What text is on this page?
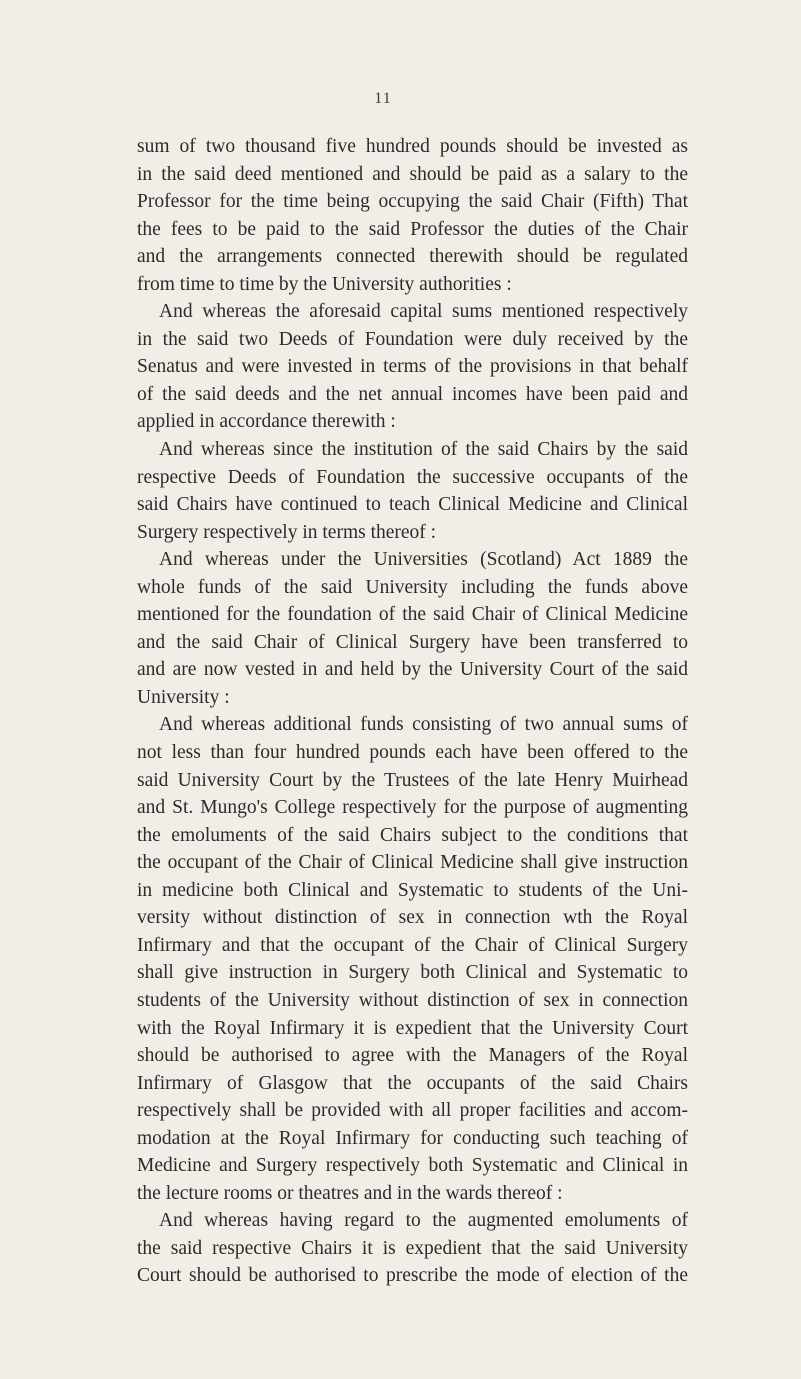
11
sum of two thousand five hundred pounds should be invested as
in the said deed mentioned and should be paid as a salary to the
Professor for the time being occupying the said Chair (Fifth) That
the fees to be paid to the said Professor the duties of the Chair
and the arrangements connected therewith should be regulated
from time to time by the University authorities :
And whereas the aforesaid capital sums mentioned respectively
in the said two Deeds of Foundation were duly received by the
Senatus and were invested in terms of the provisions in that behalf
of the said deeds and the net annual incomes have been paid and
applied in accordance therewith :
And whereas since the institution of the said Chairs by the said
respective Deeds of Foundation the successive occupants of the
said Chairs have continued to teach Clinical Medicine and Clinical
Surgery respectively in terms thereof :
And whereas under the Universities (Scotland) Act 1889 the
whole funds of the said University including the funds above
mentioned for the foundation of the said Chair of Clinical Medicine
and the said Chair of Clinical Surgery have been transferred to
and are now vested in and held by the University Court of the said
University :
And whereas additional funds consisting of two annual sums of
not less than four hundred pounds each have been offered to the
said University Court by the Trustees of the late Henry Muirhead
and St. Mungo's College respectively for the purpose of augmenting
the emoluments of the said Chairs subject to the conditions that
the occupant of the Chair of Clinical Medicine shall give instruction
in medicine both Clinical and Systematic to students of the Uni-
versity without distinction of sex in connection wth the Royal
Infirmary and that the occupant of the Chair of Clinical Surgery
shall give instruction in Surgery both Clinical and Systematic to
students of the University without distinction of sex in connection
with the Royal Infirmary it is expedient that the University Court
should be authorised to agree with the Managers of the Royal
Infirmary of Glasgow that the occupants of the said Chairs
respectively shall be provided with all proper facilities and accom-
modation at the Royal Infirmary for conducting such teaching of
Medicine and Surgery respectively both Systematic and Clinical in
the lecture rooms or theatres and in the wards thereof :
And whereas having regard to the augmented emoluments of
the said respective Chairs it is expedient that the said University
Court should be authorised to prescribe the mode of election of the
